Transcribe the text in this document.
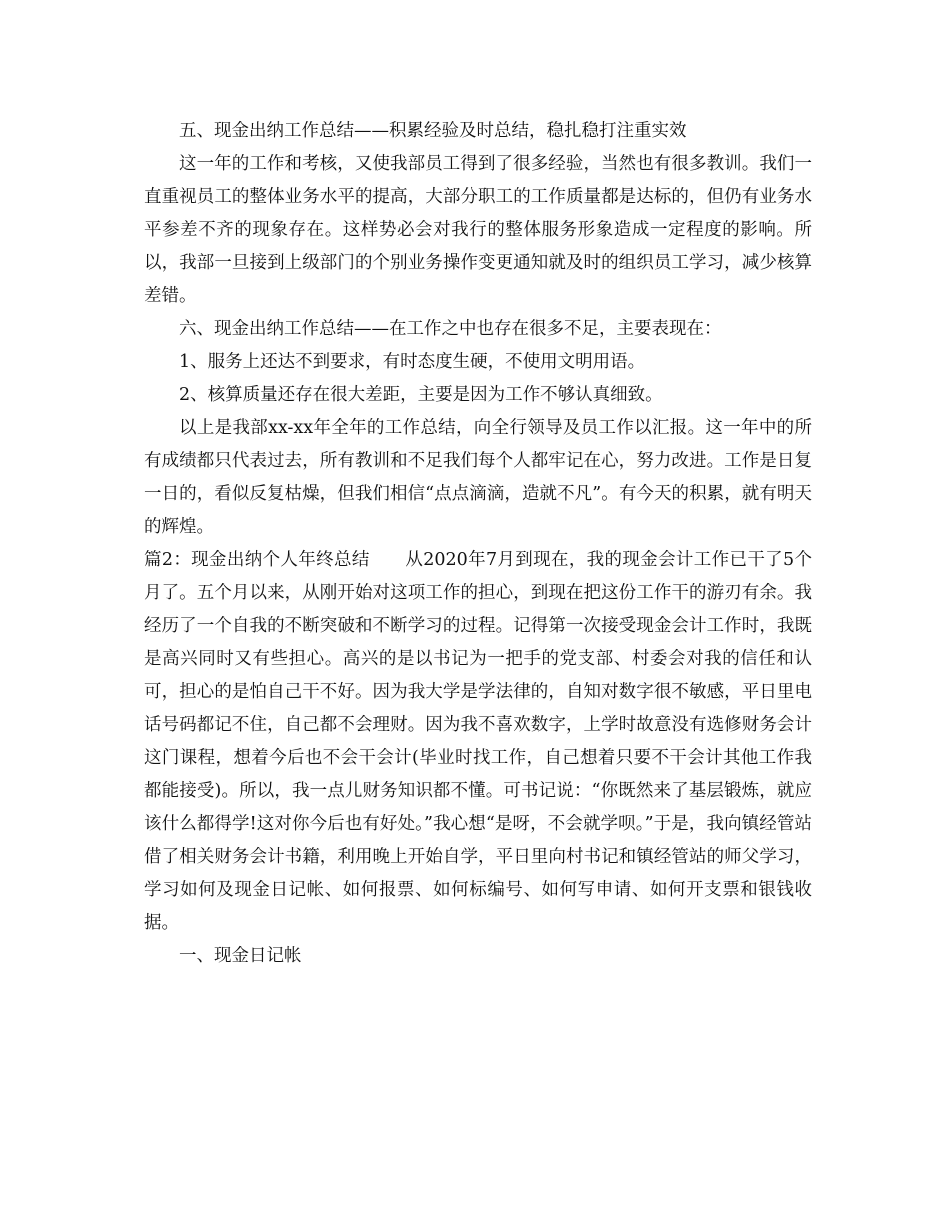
五、现金出纳工作总结——积累经验及时总结，稳扎稳打注重实效

这一年的工作和考核，又使我部员工得到了很多经验，当然也有很多教训。我们一直重视员工的整体业务水平的提高，大部分职工的工作质量都是达标的，但仍有业务水平参差不齐的现象存在。这样势必会对我行的整体服务形象造成一定程度的影响。所以，我部一旦接到上级部门的个别业务操作变更通知就及时的组织员工学习，减少核算差错。

六、现金出纳工作总结——在工作之中也存在很多不足，主要表现在：

1、服务上还达不到要求，有时态度生硬，不使用文明用语。

2、核算质量还存在很大差距，主要是因为工作不够认真细致。

以上是我部xx-xx年全年的工作总结，向全行领导及员工作以汇报。这一年中的所有成绩都只代表过去，所有教训和不足我们每个人都牢记在心，努力改进。工作是日复一日的，看似反复枯燥，但我们相信“点点滴滴，造就不凡”。有今天的积累，就有明天的辉煌。

篇2：现金出纳个人年终总结　　从2020年7月到现在，我的现金会计工作已干了5个月了。五个月以来，从刚开始对这项工作的担心，到现在把这份工作干的游刃有余。我经历了一个自我的不断突破和不断学习的过程。记得第一次接受现金会计工作时，我既是高兴同时又有些担心。高兴的是以书记为一把手的党支部、村委会对我的信任和认可，担心的是怕自己干不好。因为我大学是学法律的，自知对数字很不敏感，平日里电话号码都记不住，自己都不会理财。因为我不喜欢数字，上学时故意没有选修财务会计这门课程，想着今后也不会干会计(毕业时找工作，自己想着只要不干会计其他工作我都能接受)。所以，我一点儿财务知识都不懂。可书记说：“你既然来了基层锻炼，就应该什么都得学!这对你今后也有好处。”我心想“是呀，不会就学呗。”于是，我向镇经管站借了相关财务会计书籍，利用晚上开始自学，平日里向村书记和镇经管站的师父学习，学习如何及现金日记帐、如何报票、如何标编号、如何写申请、如何开支票和银钱收据。

一、现金日记帐
